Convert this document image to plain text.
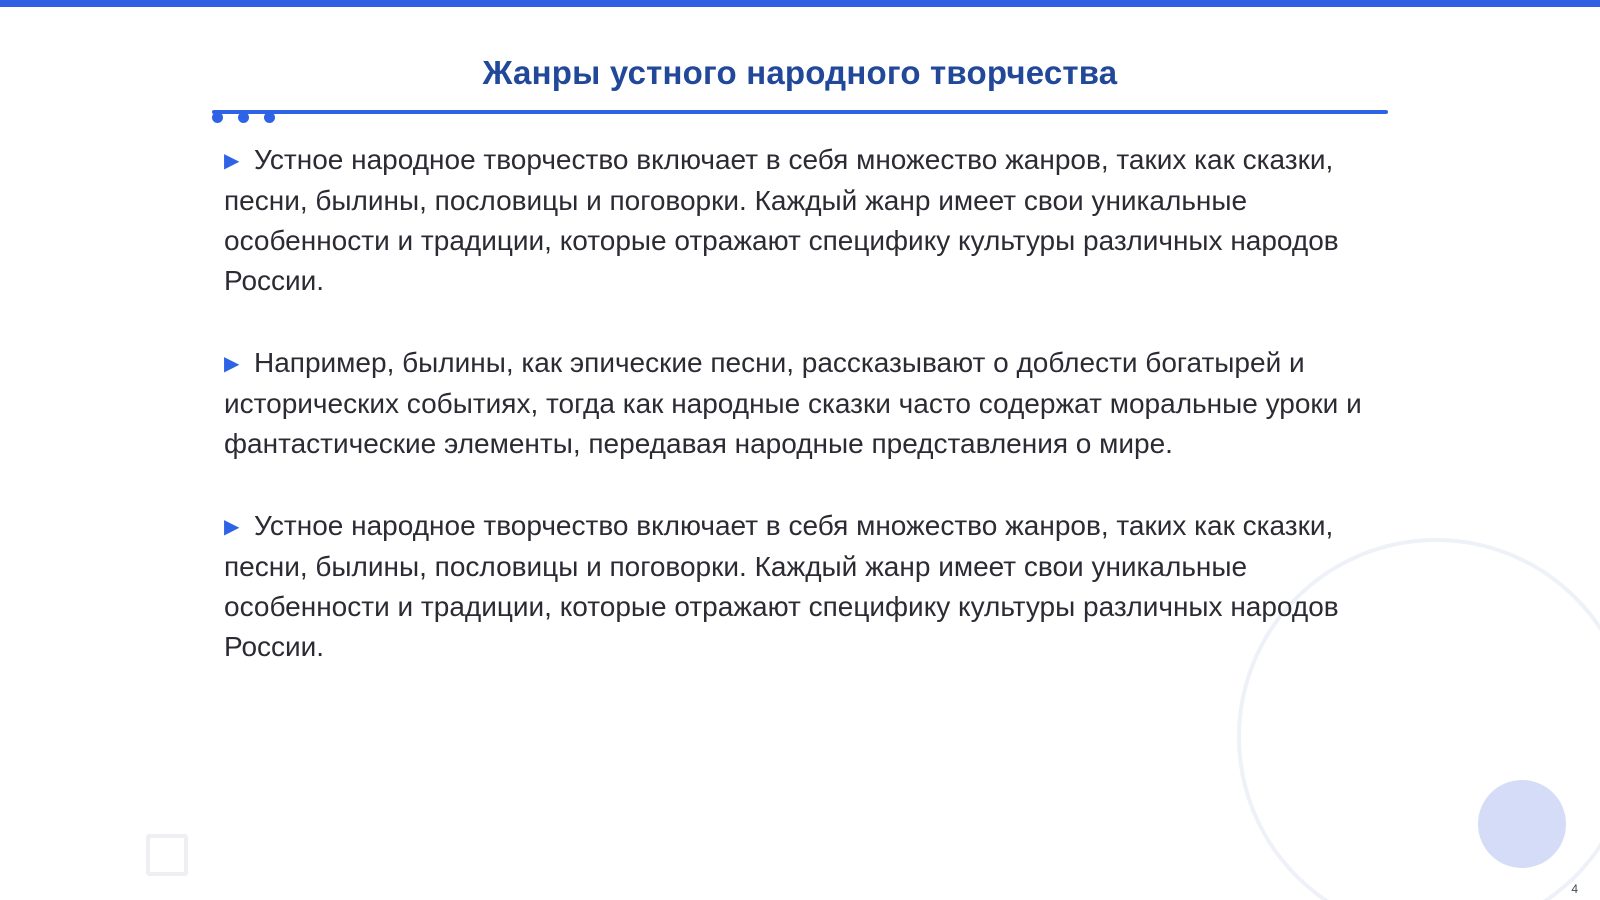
Жанры устного народного творчества

▶ Устное народное творчество включает в себя множество жанров, таких как сказки, песни, былины, пословицы и поговорки. Каждый жанр имеет свои уникальные особенности и традиции, которые отражают специфику культуры различных народов России.

▶ Например, былины, как эпические песни, рассказывают о доблести богатырей и исторических событиях, тогда как народные сказки часто содержат моральные уроки и фантастические элементы, передавая народные представления о мире.

▶ Устное народное творчество включает в себя множество жанров, таких как сказки, песни, былины, пословицы и поговорки. Каждый жанр имеет свои уникальные особенности и традиции, которые отражают специфику культуры различных народов России.

4
